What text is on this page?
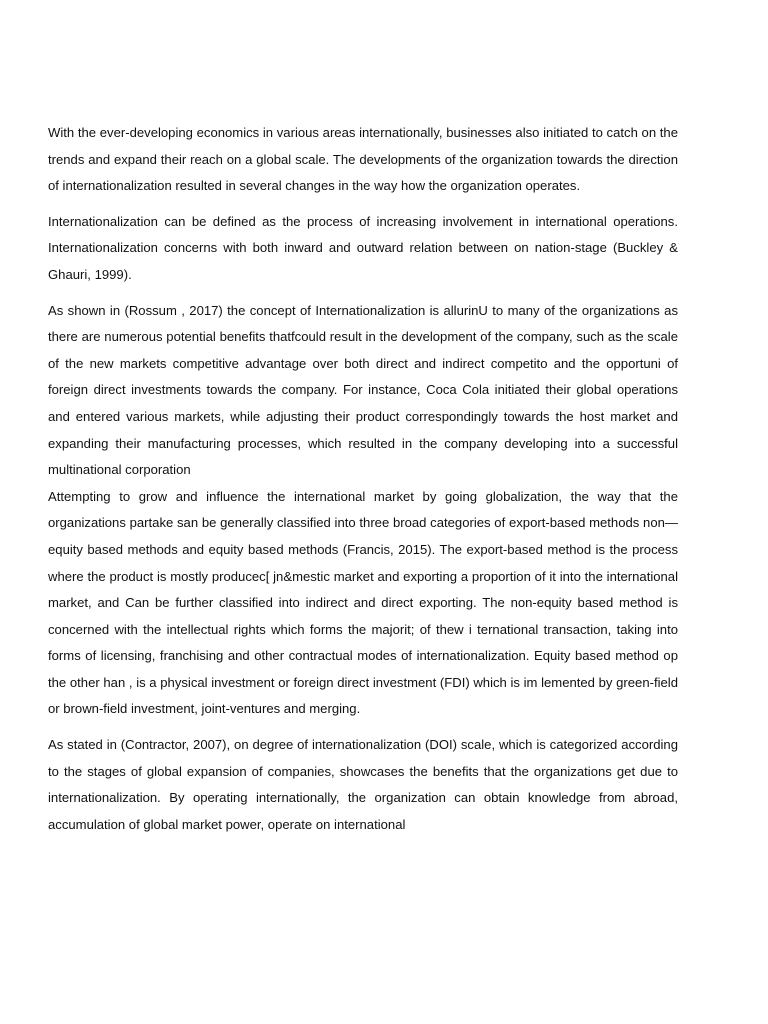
With the ever-developing economics in various areas internationally, businesses also initiated to catch on the trends and expand their reach on a global scale. The developments of the organization towards the direction of internationalization resulted in several changes in the way how the organization operates.

Internationalization can be defined as the process of increasing involvement in international operations. Internationalization concerns with both inward and outward relation between on nation-stage (Buckley & Ghauri, 1999).

As shown in (Rossum , 2017) the concept of Internationalization is allurinU to many of the organizations as there are numerous potential benefits thatfcould result in the development of the company, such as the scale of the new markets competitive advantage over both direct and indirect competito and the opportuni of foreign direct investments towards the company. For instance, Coca Cola initiated their global operations and entered various markets, while adjusting their product correspondingly towards the host market and expanding their manufacturing processes, which resulted in the company developing into a successful multinational corporation

Attempting to grow and influence the international market by going globalization, the way that the organizations partake san be generally classified into three broad categories of export-based methods non—equity based methods and equity based methods (Francis, 2015). The export-based method is the process where the product is mostly producec[ jn&mestic market and exporting a proportion of it into the international market, and Can be further classified into indirect and direct exporting. The non-equity based method is concerned with the intellectual rights which forms the majorit; of thew i ternational transaction, taking into forms of licensing, franchising and other contractual modes of internationalization. Equity based method op the other han , is a physical investment or foreign direct investment (FDI) which is im lemented by green-field or brown-field investment, joint-ventures and merging.

As stated in (Contractor, 2007), on degree of internationalization (DOI) scale, which is categorized according to the stages of global expansion of companies, showcases the benefits that the organizations get due to internationalization. By operating internationally, the organization can obtain knowledge from abroad, accumulation of global market power, operate on international
